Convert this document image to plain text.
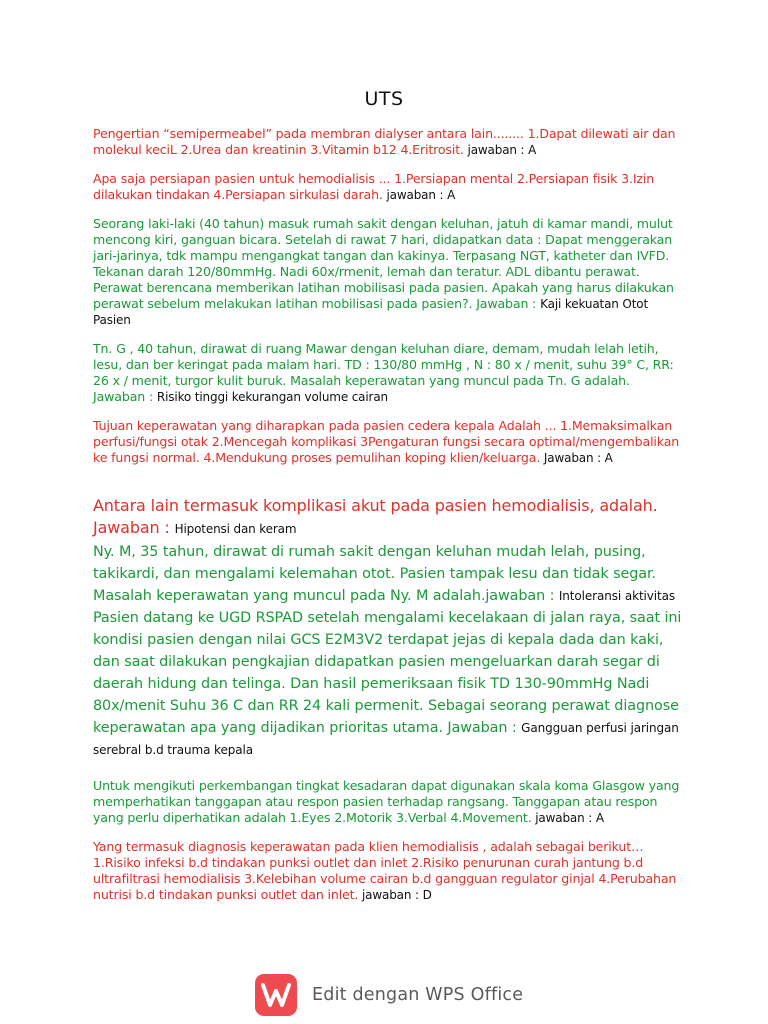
UTS
Pengertian “semipermeabel” pada membran dialyser antara lain........ 1.Dapat dilewati air dan molekul keciL 2.Urea dan kreatinin 3.Vitamin b12 4.Eritrosit. jawaban : A
Apa saja persiapan pasien untuk hemodialisis ... 1.Persiapan mental 2.Persiapan fisik 3.Izin dilakukan tindakan 4.Persiapan sirkulasi darah. jawaban : A
Seorang laki-laki (40 tahun) masuk rumah sakit dengan keluhan, jatuh di kamar mandi, mulut mencong kiri, ganguan bicara. Setelah di rawat 7 hari, didapatkan data : Dapat menggerakan jari-jarinya, tdk mampu mengangkat tangan dan kakinya. Terpasang NGT, katheter dan IVFD. Tekanan darah 120/80mmHg. Nadi 60x/rmenit, lemah dan teratur. ADL dibantu perawat. Perawat berencana memberikan latihan mobilisasi pada pasien. Apakah yang harus dilakukan perawat sebelum melakukan latihan mobilisasi pada pasien?. Jawaban : Kaji kekuatan Otot Pasien
Tn. G , 40 tahun, dirawat di ruang Mawar dengan keluhan diare, demam, mudah lelah letih, lesu, dan ber keringat pada malam hari. TD : 130/80 mmHg , N : 80 x / menit, suhu 39° C, RR: 26 x / menit, turgor kulit buruk. Masalah keperawatan yang muncul pada Tn. G adalah. Jawaban : Risiko tinggi kekurangan volume cairan
Tujuan keperawatan yang diharapkan pada pasien cedera kepala Adalah ... 1.Memaksimalkan perfusi/fungsi otak 2.Mencegah komplikasi 3Pengaturan fungsi secara optimal/mengembalikan ke fungsi normal. 4.Mendukung proses pemulihan koping klien/keluarga. Jawaban : A
Antara lain termasuk komplikasi akut pada pasien hemodialisis, adalah. Jawaban : Hipotensi dan keram
Ny. M, 35 tahun, dirawat di rumah sakit dengan keluhan mudah lelah, pusing, takikardi, dan mengalami kelemahan otot. Pasien tampak lesu dan tidak segar. Masalah keperawatan yang muncul pada Ny. M adalah.jawaban : Intoleransi aktivitas
Pasien datang ke UGD RSPAD setelah mengalami kecelakaan di jalan raya, saat ini kondisi pasien dengan nilai GCS E2M3V2 terdapat jejas di kepala dada dan kaki, dan saat dilakukan pengkajian didapatkan pasien mengeluarkan darah segar di daerah hidung dan telinga. Dan hasil pemeriksaan fisik TD 130-90mmHg Nadi 80x/menit Suhu 36 C dan RR 24 kali permenit. Sebagai seorang perawat diagnose keperawatan apa yang dijadikan prioritas utama. Jawaban : Gangguan perfusi jaringan serebral b.d trauma kepala
Untuk mengikuti perkembangan tingkat kesadaran dapat digunakan skala koma Glasgow yang memperhatikan tanggapan atau respon pasien terhadap rangsang. Tanggapan atau respon yang perlu diperhatikan adalah 1.Eyes 2.Motorik 3.Verbal 4.Movement. jawaban : A
Yang termasuk diagnosis keperawatan pada klien hemodialisis , adalah sebagai berikut… 1.Risiko infeksi b.d tindakan punksi outlet dan inlet 2.Risiko penurunan curah jantung b.d ultrafiltrasi hemodialisis 3.Kelebihan volume cairan b.d gangguan regulator ginjal 4.Perubahan nutrisi b.d tindakan punksi outlet dan inlet. jawaban : D
Edit dengan WPS Office
